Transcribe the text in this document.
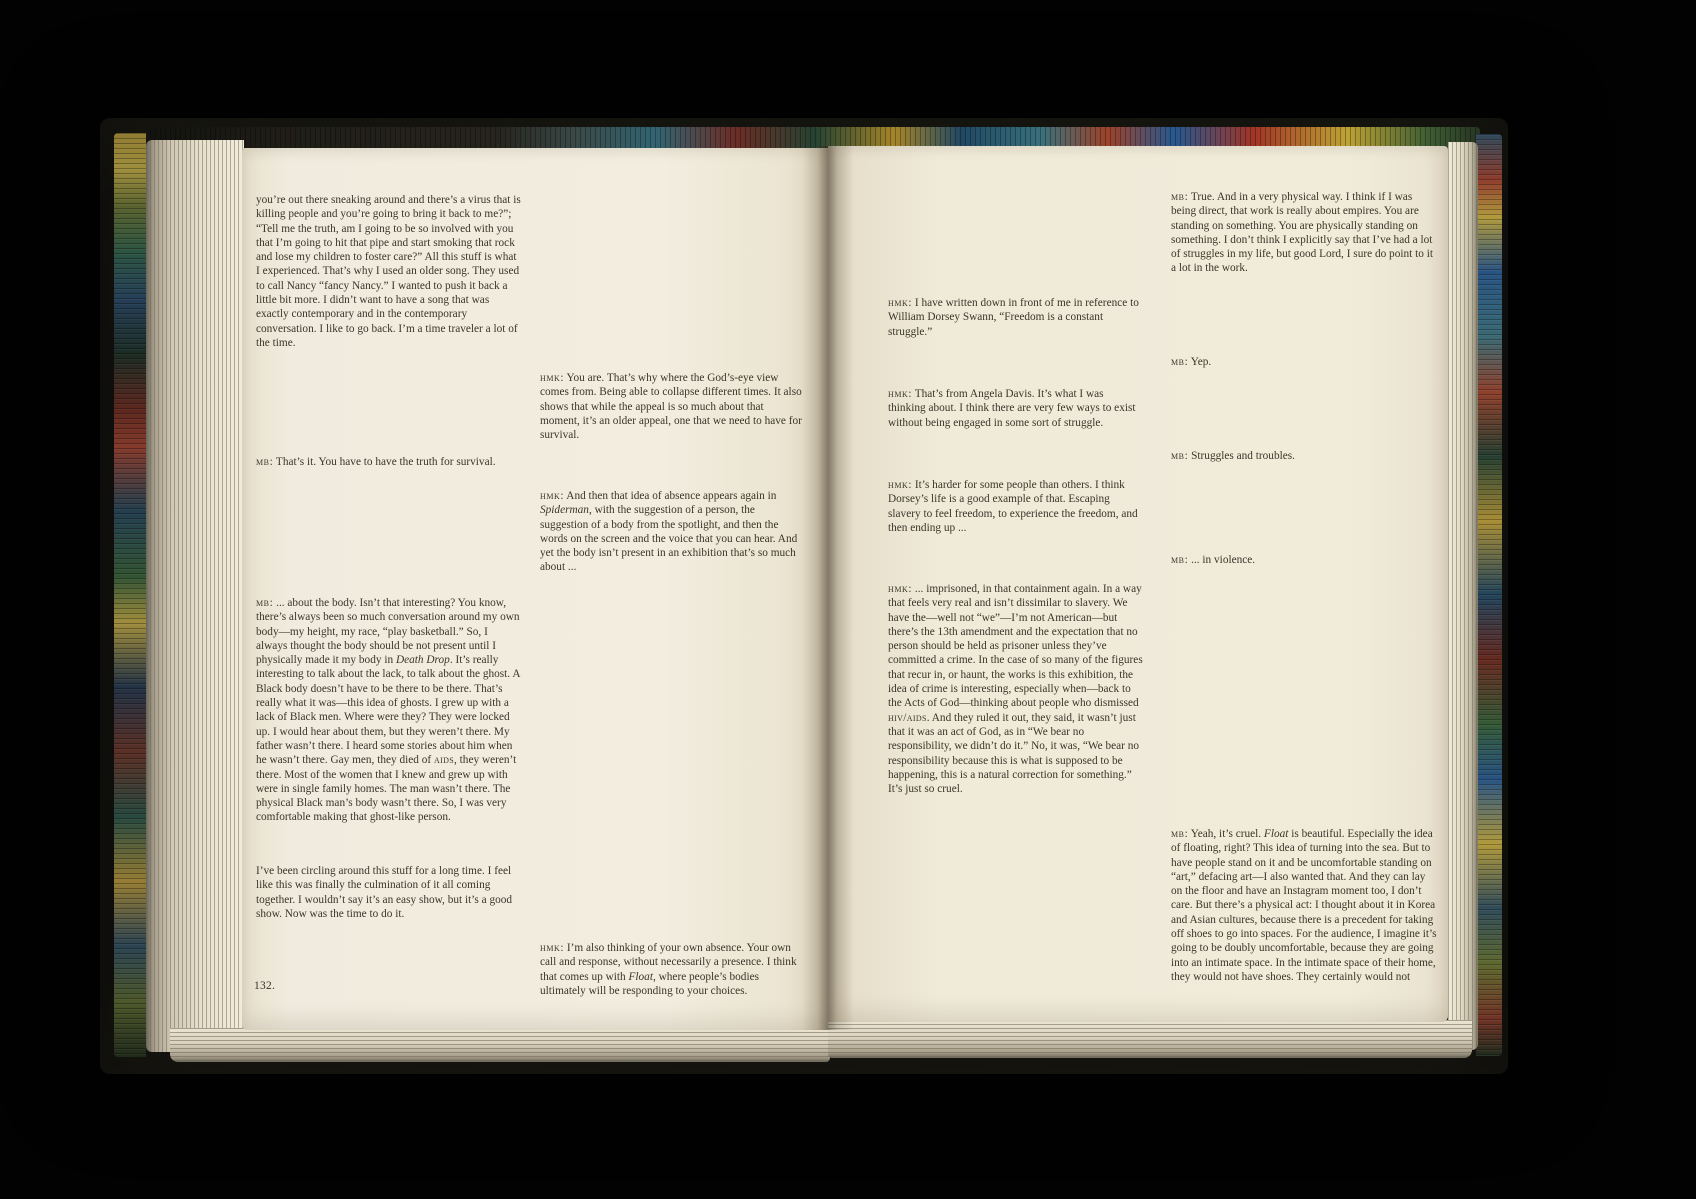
you’re out there sneaking around and there’s a virus that is killing people and you’re going to bring it back to me?”; “Tell me the truth, am I going to be so involved with you that I’m going to hit that pipe and start smoking that rock and lose my children to foster care?” All this stuff is what I experienced. That’s why I used an older song. They used to call Nancy “fancy Nancy.” I wanted to push it back a little bit more. I didn’t want to have a song that was exactly contemporary and in the contemporary conversation. I like to go back. I’m a time traveler a lot of the time.

mb: That’s it. You have to have the truth for survival.

mb: ... about the body. Isn’t that interesting? You know, there’s always been so much conversation around my own body—my height, my race, “play basketball.” So, I always thought the body should be not present until I physically made it my body in Death Drop. It’s really interesting to talk about the lack, to talk about the ghost. A Black body doesn’t have to be there to be there. That’s really what it was—this idea of ghosts. I grew up with a lack of Black men. Where were they? They were locked up. I would hear about them, but they weren’t there. My father wasn’t there. I heard some stories about him when he wasn’t there. Gay men, they died of aids, they weren’t there. Most of the women that I knew and grew up with were in single family homes. The man wasn’t there. The physical Black man’s body wasn’t there. So, I was very comfortable making that ghost-like person.

I’ve been circling around this stuff for a long time. I feel like this was finally the culmination of it all coming together. I wouldn’t say it’s an easy show, but it’s a good show. Now was the time to do it.

132.

hmk: You are. That’s why where the God’s-eye view comes from. Being able to collapse different times. It also shows that while the appeal is so much about that moment, it’s an older appeal, one that we need to have for survival.

hmk: And then that idea of absence appears again in Spiderman, with the suggestion of a person, the suggestion of a body from the spotlight, and then the words on the screen and the voice that you can hear. And yet the body isn’t present in an exhibition that’s so much about ...

hmk: I’m also thinking of your own absence. Your own call and response, without necessarily a presence. I think that comes up with Float, where people’s bodies ultimately will be responding to your choices.

hmk: I have written down in front of me in reference to William Dorsey Swann, “Freedom is a constant struggle.”

hmk: That’s from Angela Davis. It’s what I was thinking about. I think there are very few ways to exist without being engaged in some sort of struggle.

hmk: It’s harder for some people than others. I think Dorsey’s life is a good example of that. Escaping slavery to feel freedom, to experience the freedom, and then ending up ...

hmk: ... imprisoned, in that containment again. In a way that feels very real and isn’t dissimilar to slavery. We have the—well not “we”—I’m not American—but there’s the 13th amendment and the expectation that no person should be held as prisoner unless they’ve committed a crime. In the case of so many of the figures that recur in, or haunt, the works is this exhibition, the idea of crime is interesting, especially when—back to the Acts of God—thinking about people who dismissed hiv/aids. And they ruled it out, they said, it wasn’t just that it was an act of God, as in “We bear no responsibility, we didn’t do it.” No, it was, “We bear no responsibility because this is what is supposed to be happening, this is a natural correction for something.” It’s just so cruel.

mb: True. And in a very physical way. I think if I was being direct, that work is really about empires. You are standing on something. You are physically standing on something. I don’t think I explicitly say that I’ve had a lot of struggles in my life, but good Lord, I sure do point to it a lot in the work.

mb: Yep.

mb: Struggles and troubles.

mb: ... in violence.

mb: Yeah, it’s cruel. Float is beautiful. Especially the idea of floating, right? This idea of turning into the sea. But to have people stand on it and be uncomfortable standing on “art,” defacing art—I also wanted that. And they can lay on the floor and have an Instagram moment too, I don’t care. But there’s a physical act: I thought about it in Korea and Asian cultures, because there is a precedent for taking off shoes to go into spaces. For the audience, I imagine it’s going to be doubly uncomfortable, because they are going into an intimate space. In the intimate space of their home, they would not have shoes. They certainly would not
